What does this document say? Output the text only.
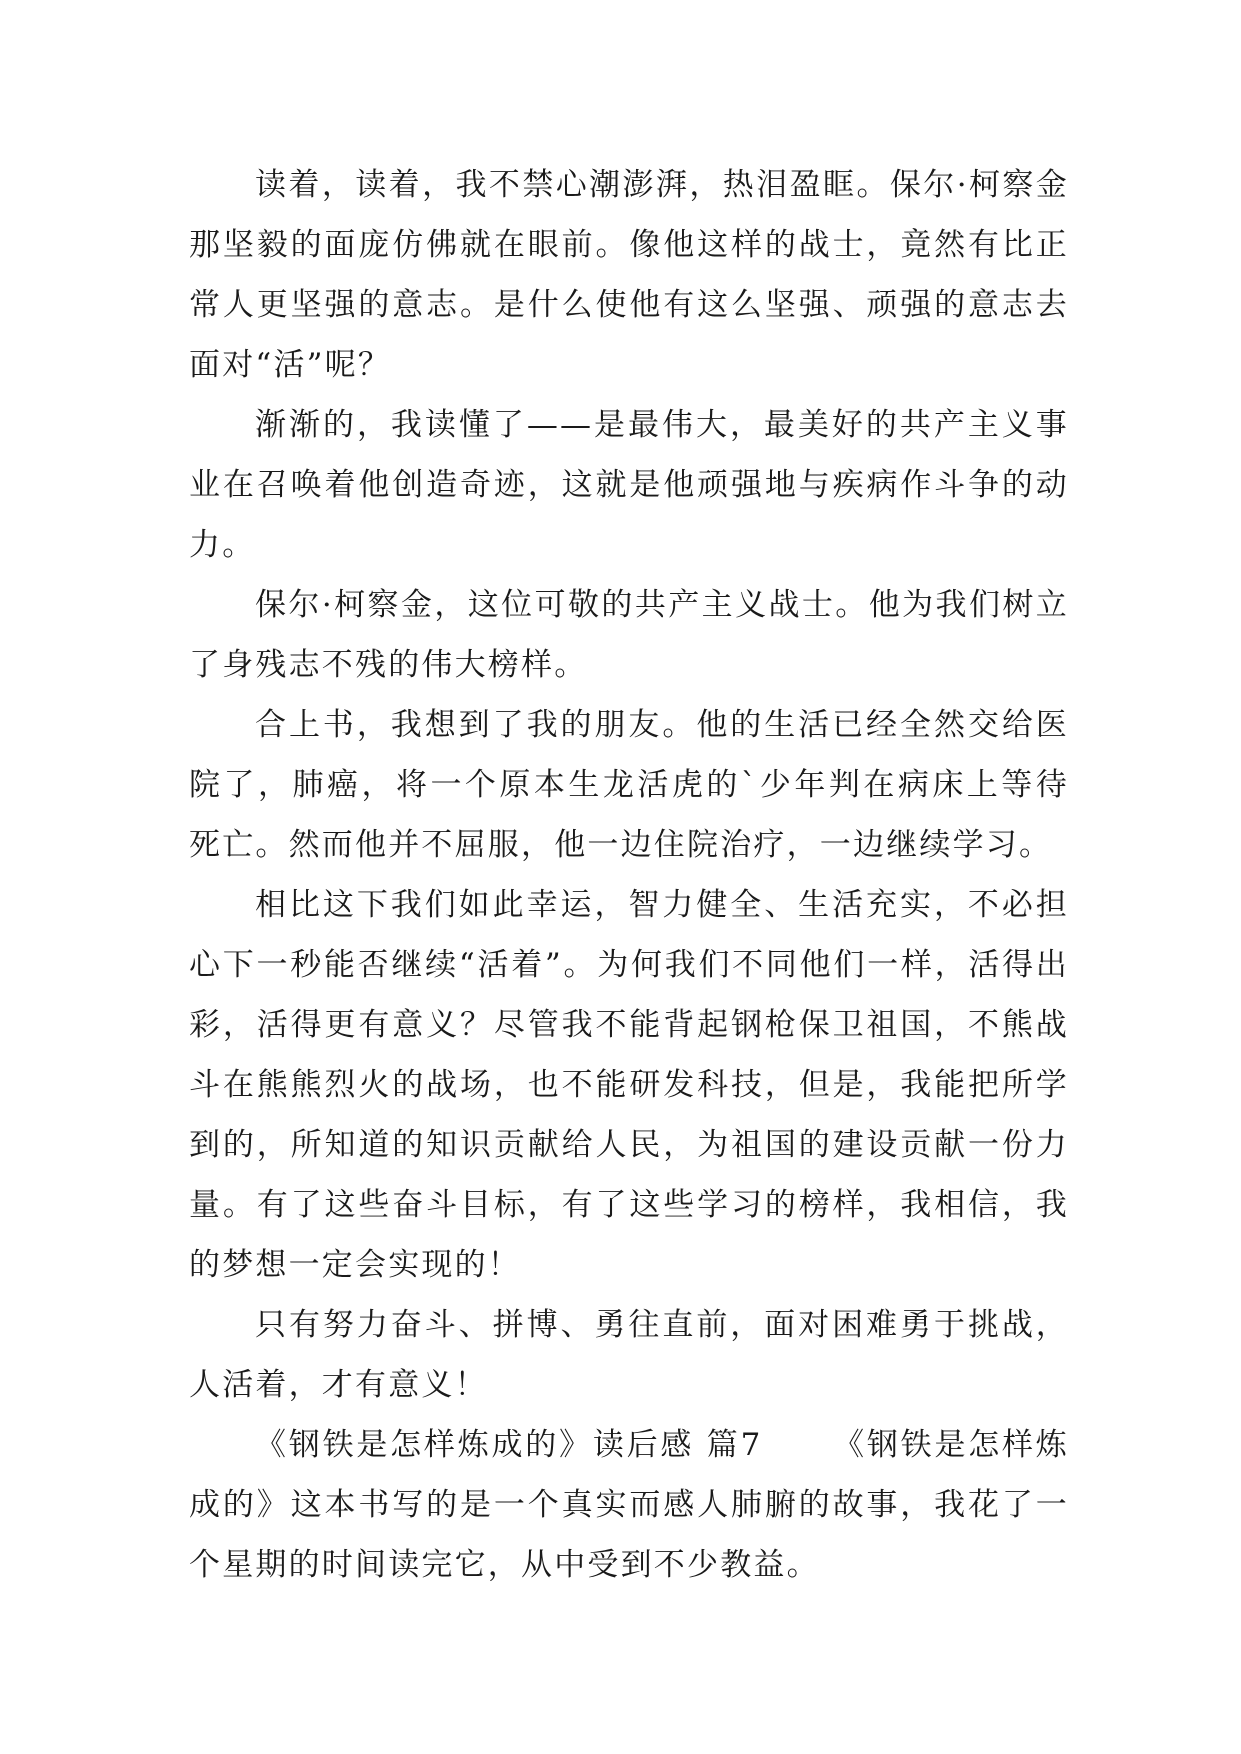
读着，读着，我不禁心潮澎湃，热泪盈眶。保尔·柯察金那坚毅的面庞仿佛就在眼前。像他这样的战士，竟然有比正常人更坚强的意志。是什么使他有这么坚强、顽强的意志去面对“活”呢？

渐渐的，我读懂了——是最伟大，最美好的共产主义事业在召唤着他创造奇迹，这就是他顽强地与疾病作斗争的动力。

保尔·柯察金，这位可敬的共产主义战士。他为我们树立了身残志不残的伟大榜样。

合上书，我想到了我的朋友。他的生活已经全然交给医院了，肺癌，将一个原本生龙活虎的`少年判在病床上等待死亡。然而他并不屈服，他一边住院治疗，一边继续学习。

相比这下我们如此幸运，智力健全、生活充实，不必担心下一秒能否继续“活着”。为何我们不同他们一样，活得出彩，活得更有意义？尽管我不能背起钢枪保卫祖国，不熊战斗在熊熊烈火的战场，也不能研发科技，但是，我能把所学到的，所知道的知识贡献给人民，为祖国的建设贡献一份力量。有了这些奋斗目标，有了这些学习的榜样，我相信，我的梦想一定会实现的！

只有努力奋斗、拼博、勇往直前，面对困难勇于挑战，人活着，才有意义！

《钢铁是怎样炼成的》读后感 篇7 《钢铁是怎样炼成的》这本书写的是一个真实而感人肺腑的故事，我花了一个星期的时间读完它，从中受到不少教益。
